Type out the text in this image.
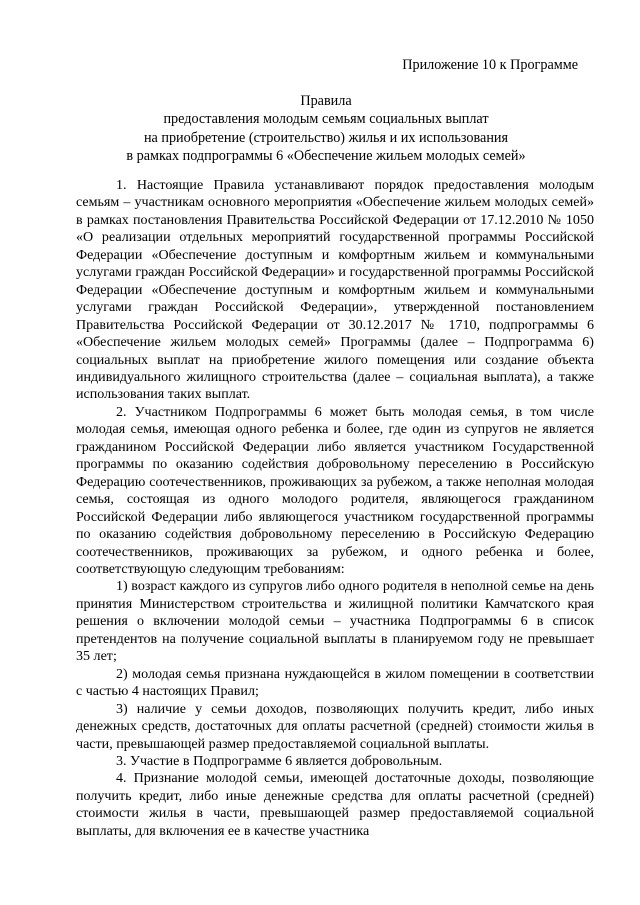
Приложение 10 к Программе
Правила
предоставления молодым семьям социальных выплат
на приобретение (строительство) жилья и их использования
в рамках подпрограммы 6 «Обеспечение жильем молодых семей»

1. Настоящие Правила устанавливают порядок предоставления молодым семьям – участникам основного мероприятия «Обеспечение жильем молодых семей» в рамках постановления Правительства Российской Федерации от 17.12.2010 № 1050 «О реализации отдельных мероприятий государственной программы Российской Федерации «Обеспечение доступным и комфортным жильем и коммунальными услугами граждан Российской Федерации» и государственной программы Российской Федерации «Обеспечение доступным и комфортным жильем и коммунальными услугами граждан Российской Федерации», утвержденной постановлением Правительства Российской Федерации от 30.12.2017 № 1710, подпрограммы 6 «Обеспечение жильем молодых семей» Программы (далее – Подпрограмма 6) социальных выплат на приобретение жилого помещения или создание объекта индивидуального жилищного строительства (далее – социальная выплата), а также использования таких выплат.

2. Участником Подпрограммы 6 может быть молодая семья, в том числе молодая семья, имеющая одного ребенка и более, где один из супругов не является гражданином Российской Федерации либо является участником Государственной программы по оказанию содействия добровольному переселению в Российскую Федерацию соотечественников, проживающих за рубежом, а также неполная молодая семья, состоящая из одного молодого родителя, являющегося гражданином Российской Федерации либо являющегося участником государственной программы по оказанию содействия добровольному переселению в Российскую Федерацию соотечественников, проживающих за рубежом, и одного ребенка и более, соответствующую следующим требованиям:

1) возраст каждого из супругов либо одного родителя в неполной семье на день принятия Министерством строительства и жилищной политики Камчатского края решения о включении молодой семьи – участника Подпрограммы 6 в список претендентов на получение социальной выплаты в планируемом году не превышает 35 лет;

2) молодая семья признана нуждающейся в жилом помещении в соответствии с частью 4 настоящих Правил;

3) наличие у семьи доходов, позволяющих получить кредит, либо иных денежных средств, достаточных для оплаты расчетной (средней) стоимости жилья в части, превышающей размер предоставляемой социальной выплаты.

3. Участие в Подпрограмме 6 является добровольным.

4. Признание молодой семьи, имеющей достаточные доходы, позволяющие получить кредит, либо иные денежные средства для оплаты расчетной (средней) стоимости жилья в части, превышающей размер предоставляемой социальной выплаты, для включения ее в качестве участника
